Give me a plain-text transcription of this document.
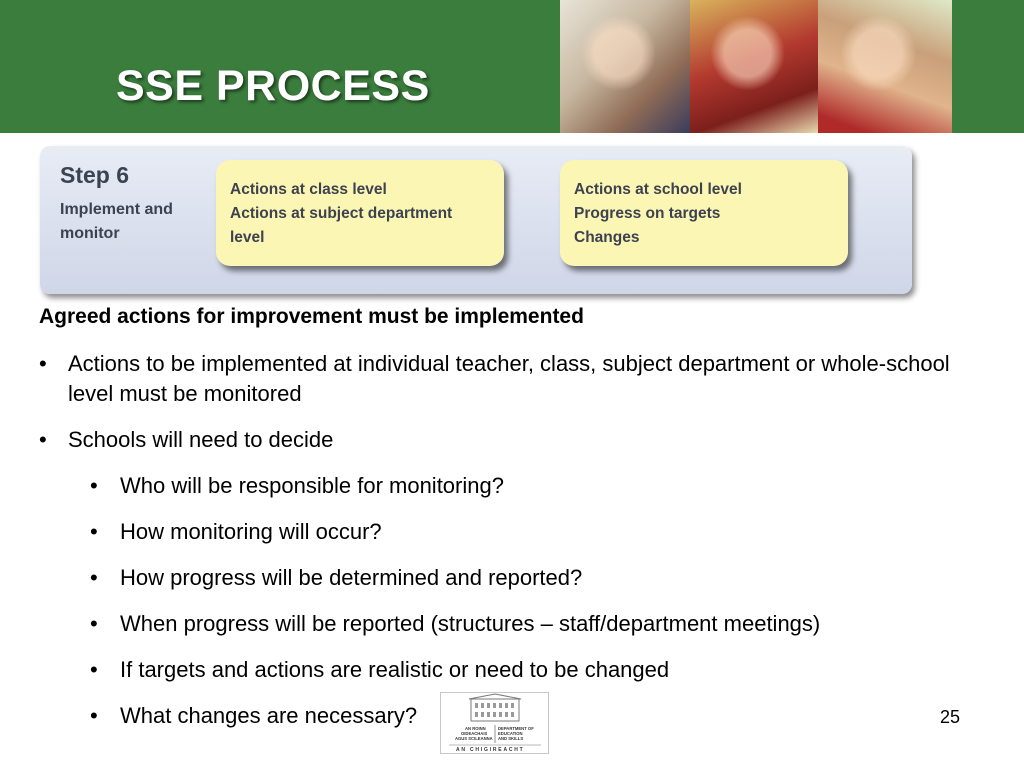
SSE PROCESS
Step 6
Implement and monitor
Actions at class level
Actions at subject department level
Actions at school level
Progress on targets
Changes
Agreed actions for improvement must be implemented
• Actions to be implemented at individual teacher, class, subject department or whole-school level must be monitored
• Schools will need to decide
• Who will be responsible for monitoring?
• How monitoring will occur?
• How progress will be determined and reported?
• When progress will be reported (structures – staff/department meetings)
• If targets and actions are realistic or need to be changed
• What changes are necessary?
AN ROINN
OIDEACHAIS
AGUS SCILEANNA
DEPARTMENT OF
EDUCATION
AND SKILLS
AN CHIGIREACHT
25
